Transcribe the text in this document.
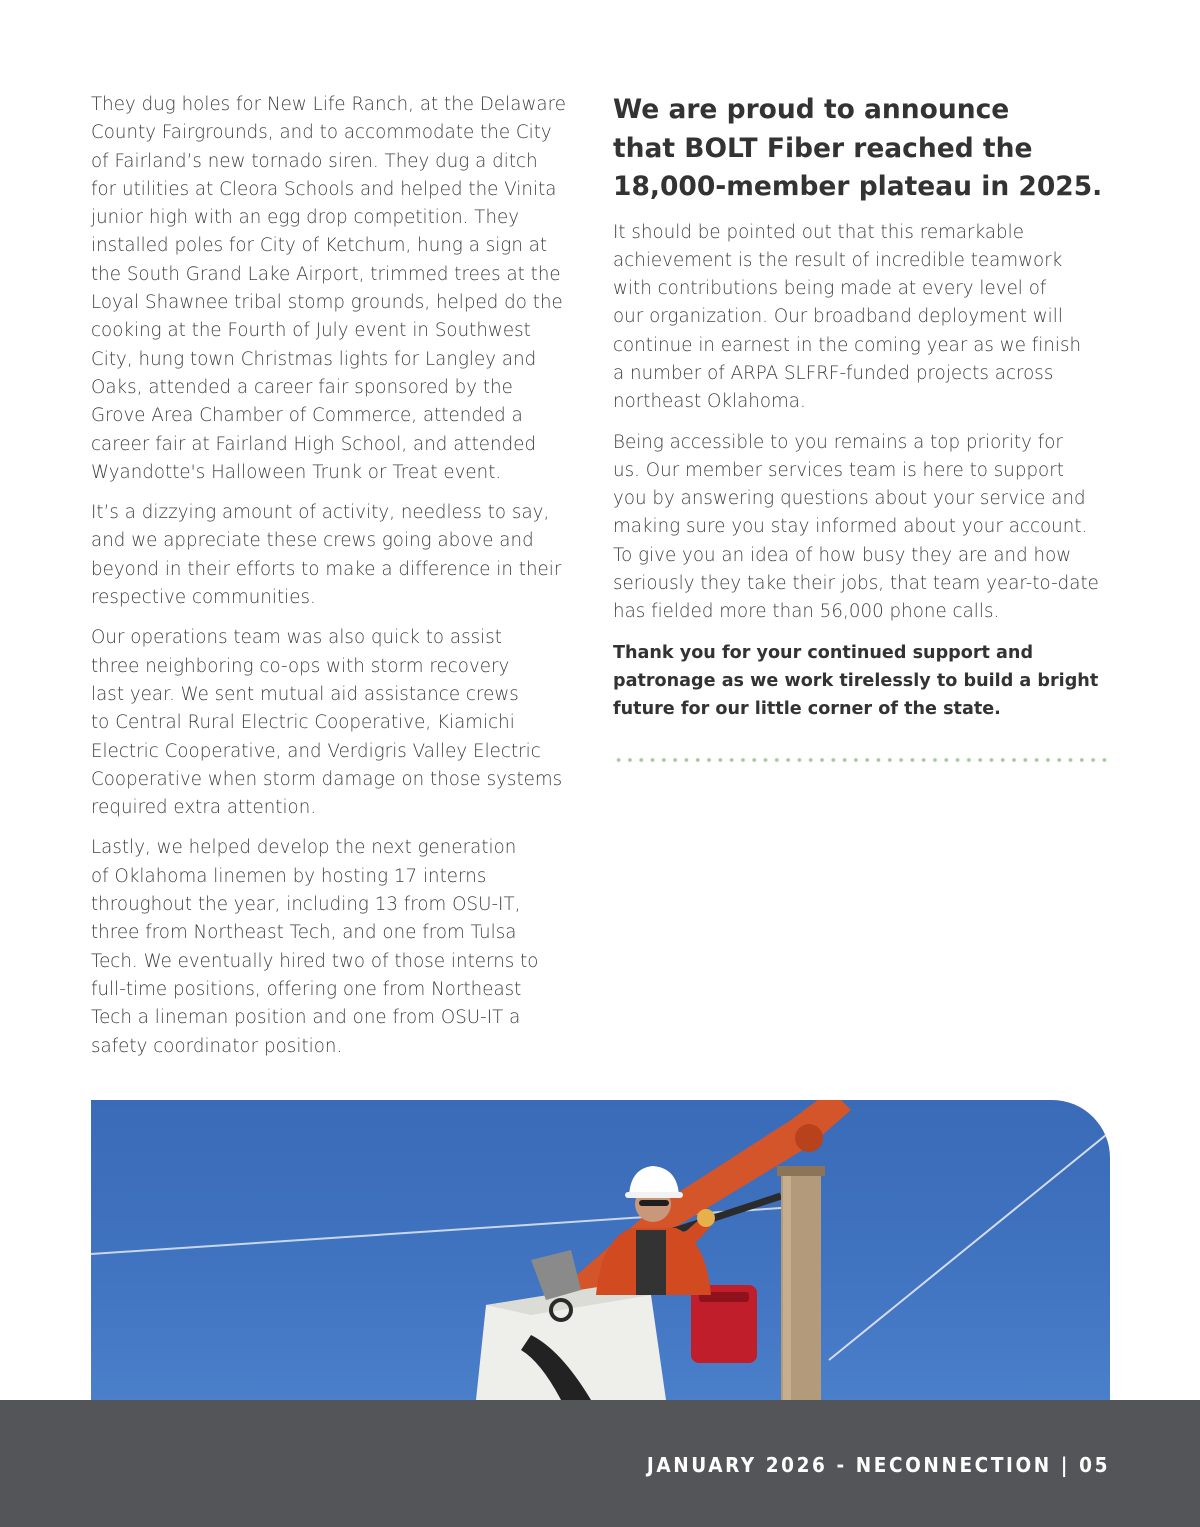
They dug holes for New Life Ranch, at the Delaware
County Fairgrounds, and to accommodate the City
of Fairland’s new tornado siren. They dug a ditch
for utilities at Cleora Schools and helped the Vinita
junior high with an egg drop competition. They
installed poles for City of Ketchum, hung a sign at
the South Grand Lake Airport, trimmed trees at the
Loyal Shawnee tribal stomp grounds, helped do the
cooking at the Fourth of July event in Southwest
City, hung town Christmas lights for Langley and
Oaks, attended a career fair sponsored by the
Grove Area Chamber of Commerce, attended a
career fair at Fairland High School, and attended
Wyandotte's Halloween Trunk or Treat event.

It’s a dizzying amount of activity, needless to say,
and we appreciate these crews going above and
beyond in their efforts to make a difference in their
respective communities.

Our operations team was also quick to assist
three neighboring co-ops with storm recovery
last year. We sent mutual aid assistance crews
to Central Rural Electric Cooperative, Kiamichi
Electric Cooperative, and Verdigris Valley Electric
Cooperative when storm damage on those systems
required extra attention.

Lastly, we helped develop the next generation
of Oklahoma linemen by hosting 17 interns
throughout the year, including 13 from OSU-IT,
three from Northeast Tech, and one from Tulsa
Tech. We eventually hired two of those interns to
full-time positions, offering one from Northeast
Tech a lineman position and one from OSU-IT a
safety coordinator position.

We are proud to announce
that BOLT Fiber reached the
18,000-member plateau in 2025.

It should be pointed out that this remarkable
achievement is the result of incredible teamwork
with contributions being made at every level of
our organization. Our broadband deployment will
continue in earnest in the coming year as we finish
a number of ARPA SLFRF-funded projects across
northeast Oklahoma.

Being accessible to you remains a top priority for
us. Our member services team is here to support
you by answering questions about your service and
making sure you stay informed about your account.
To give you an idea of how busy they are and how
seriously they take their jobs, that team year-to-date
has fielded more than 56,000 phone calls.

Thank you for your continued support and
patronage as we work tirelessly to build a bright
future for our little corner of the state.

JANUARY 2026 - NECONNECTION | 05
